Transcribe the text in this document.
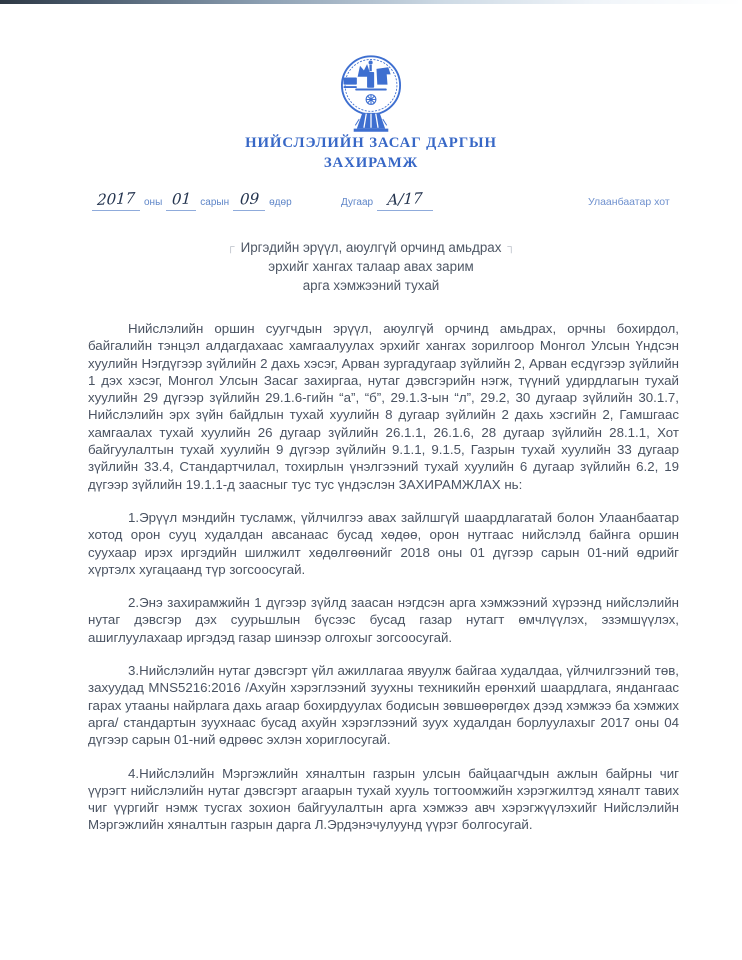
НИЙСЛЭЛИЙН ЗАСАГ ДАРГЫН
ЗАХИРАМЖ
2017 оны 01 сарын 09 өдөр	Дугаар А/17	Улаанбаатар хот
┌ Иргэдийн эрүүл, аюулгүй орчинд амьдрах ┐
эрхийг хангах талаар авах зарим
арга хэмжээний тухай

Нийслэлийн оршин суугчдын эрүүл, аюулгүй орчинд амьдрах, орчны бохирдол, байгалийн тэнцэл алдагдахаас хамгаалуулах эрхийг хангах зорилгоор Монгол Улсын Үндсэн хуулийн Нэгдүгээр зүйлийн 2 дахь хэсэг, Арван зургадугаар зүйлийн 2, Арван есдүгээр зүйлийн 1 дэх хэсэг, Монгол Улсын Засаг захиргаа, нутаг дэвсгэрийн нэгж, түүний удирдлагын тухай хуулийн 29 дүгээр зүйлийн 29.1.6-гийн “а”, “б”, 29.1.3-ын “л”, 29.2, 30 дугаар зүйлийн 30.1.7, Нийслэлийн эрх зүйн байдлын тухай хуулийн 8 дугаар зүйлийн 2 дахь хэсгийн 2, Гамшгаас хамгаалах тухай хуулийн 26 дугаар зүйлийн 26.1.1, 26.1.6, 28 дугаар зүйлийн 28.1.1, Хот байгуулалтын тухай хуулийн 9 дүгээр зүйлийн 9.1.1, 9.1.5, Газрын тухай хуулийн 33 дугаар зүйлийн 33.4, Стандартчилал, тохирлын үнэлгээний тухай хуулийн 6 дугаар зүйлийн 6.2, 19 дүгээр зүйлийн 19.1.1-д заасныг тус тус үндэслэн ЗАХИРАМЖЛАХ нь:

1.Эрүүл мэндийн тусламж, үйлчилгээ авах зайлшгүй шаардлагатай болон Улаанбаатар хотод орон сууц худалдан авсанаас бусад хөдөө, орон нутгаас нийслэлд байнга оршин суухаар ирэх иргэдийн шилжилт хөдөлгөөнийг 2018 оны 01 дүгээр сарын 01-ний өдрийг хүртэлх хугацаанд түр зогсоосугай.

2.Энэ захирамжийн 1 дүгээр зүйлд заасан нэгдсэн арга хэмжээний хүрээнд нийслэлийн нутаг дэвсгэр дэх суурьшлын бүсээс бусад газар нутагт өмчлүүлэх, эзэмшүүлэх, ашиглуулахаар иргэдэд газар шинээр олгохыг зогсоосугай.

3.Нийслэлийн нутаг дэвсгэрт үйл ажиллагаа явуулж байгаа худалдаа, үйлчилгээний төв, захуудад MNS5216:2016 /Ахуйн хэрэглээний зуухны техникийн ерөнхий шаардлага, яндангаас гарах утааны найрлага дахь агаар бохирдуулах бодисын зөвшөөрөгдөх дээд хэмжээ ба хэмжих арга/ стандартын зуухнаас бусад ахуйн хэрэглээний зуух худалдан борлуулахыг 2017 оны 04 дүгээр сарын 01-ний өдрөөс эхлэн хориглосугай.

4.Нийслэлийн Мэргэжлийн хяналтын газрын улсын байцаагчдын ажлын байрны чиг үүрэгт нийслэлийн нутаг дэвсгэрт агаарын тухай хууль тогтоомжийн хэрэгжилтэд хяналт тавих чиг үүргийг нэмж тусгах зохион байгуулалтын арга хэмжээ авч хэрэгжүүлэхийг Нийслэлийн Мэргэжлийн хяналтын газрын дарга Л.Эрдэнэчулуунд үүрэг болгосугай.
